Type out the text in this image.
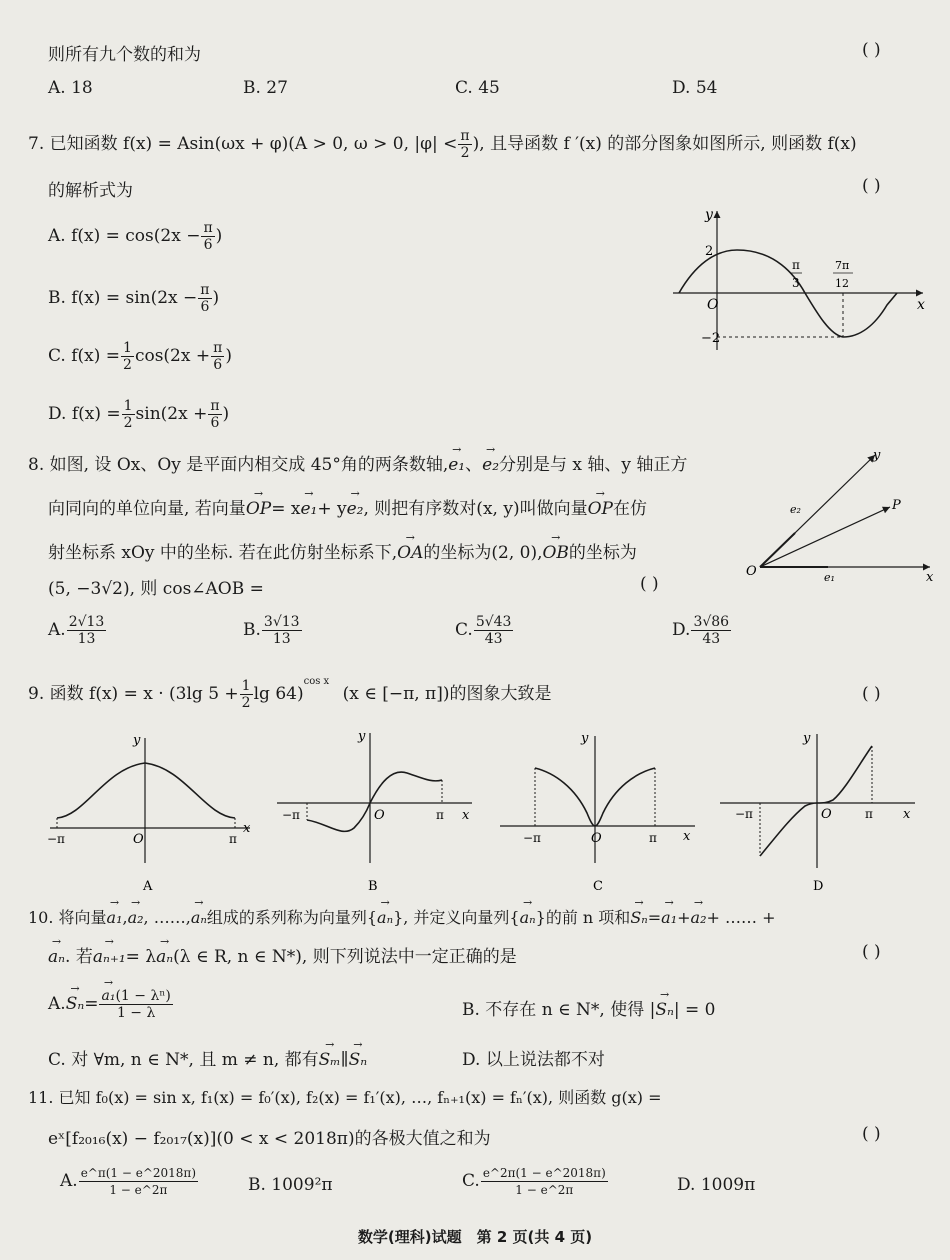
则所有九个数的和为	( )
A. 18	B. 27	C. 45	D. 54
7. 已知函数 f(x) = Asin(ωx + φ)(A > 0, ω > 0, $|\varphi| < \frac{\pi}{2}$ ), 且导函数 f ′(x) 的部分图象如图所示, 则函数 f(x)
的解析式为	( )
A. $f(x) = \cos(2x - \frac{\pi}{6}$ )
B. $f(x) = \sin(2x - \frac{\pi}{6}$ )
C. $f(x) = \frac{1}{2} \cos(2x + \frac{\pi}{6}$ )
D. $f(x) = \frac{1}{2} \sin(2x + \frac{\pi}{6}$ )
y
x
O
2
−2
π
3
7π
12
8. 如图, 设 Ox、Oy 是平面内相交成 45°角的两条数轴,→ e₁、→ e₂分别是与 x 轴、y 轴正方
向同向的单位向量, 若向量→ OP= x→ e₁+ y→ e₂, 则把有序数对(x, y)叫做向量→ OP在仿
射坐标系 xOy 中的坐标. 若在此仿射坐标系下,→ OA的坐标为(2, 0),→ OB的坐标为
(5, −3√2), 则 cos∠AOB =	( )
A. $\frac{2√13}{13}$	B. $\frac{3√13}{13}$	C. $\frac{5√43}{43}$	D. $\frac{3√86}{43}$
O
y
x
P
e₂
e₁
9. 函数 f(x) = x · (3lg $5 + \frac{1}{2}$ lg 64)$^{cos x}$ (x ∈ [−π, π])的图象大致是	( )
y
x
O
−π	π
A
y
x
O
−π	π
B
y
x
O
−π	π
C
y
x
O
−π	π
D
10. 将向量→ a₁,→ a₂, ……,→ aₙ组成的系列称为向量列{→ aₙ}, 并定义向量列{→ aₙ}的前 n 项和→ Sₙ=→ a₁+→ a₂+ …… +
→ aₙ. 若→ aₙ₊₁= λ→ aₙ(λ ∈ R, n ∈ N*), 则下列说法中一定正确的是	( )
A.→ Sₙ=
→ $\frac{\text{a₁(1 − λⁿ)}}{1 - \lambda}$	B. 不存在 n ∈ N*, 使得 |→ Sₙ| = 0
C. 对 ∀m, n ∈ N*, 且 m ≠ n, 都有→ Sₘ∥→ Sₙ	D. 以上说法都不对
11. 已知 f₀(x) = sin x, f₁(x) = f₀′(x), f₂(x) = f₁′(x), …, fₙ₊₁(x) = fₙ′(x), 则函数 g(x) =
eˣ[f₂₀₁₆(x) − f₂₀₁₇(x)](0 < x < 2018π)的各极大值之和为	( )
A. $\frac{e\^{}\pi(1 - e\^{}2018\pi)}{1 - e\^{}2\pi}$	B. 1009²π	C. $\frac{e\^{}2\pi(1 - e\^{}2018\pi)}{1 - e\^{}2\pi}$	D. 1009π
数学(理科)试题　第 2 页(共 4 页)
